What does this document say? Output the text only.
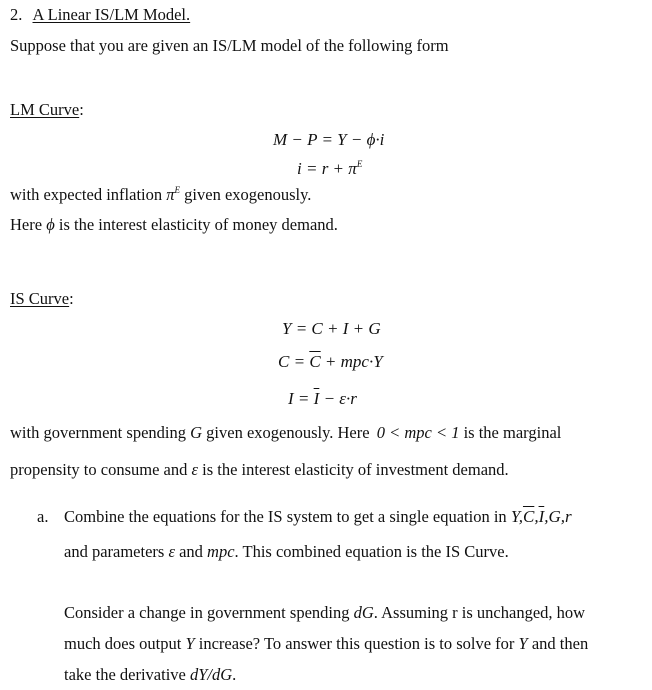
2. A Linear IS/LM Model.
Suppose that you are given an IS/LM model of the following form
LM Curve:
M − P = Y − ϕ·i
$i = r + \pi^E$
with expected inflation $\pi^E$ given exogenously.
Here ϕ is the interest elasticity of money demand.
IS Curve:
Y = C + I + G
$C = \overline{C} + mpc\cdot Y$
$I = \overline{I} - \varepsilon\cdot r$
with government spending G given exogenously. Here 0 < mpc < 1 is the marginal
propensity to consume and ε is the interest elasticity of investment demand.
a. Combine the equations for the IS system to get a single equation in $Y,\overline{C},\overline{I},G,r$
and parameters ε and mpc. This combined equation is the IS Curve.
Consider a change in government spending dG. Assuming r is unchanged, how
much does output Y increase? To answer this question is to solve for Y and then
take the derivative dY/dG.
